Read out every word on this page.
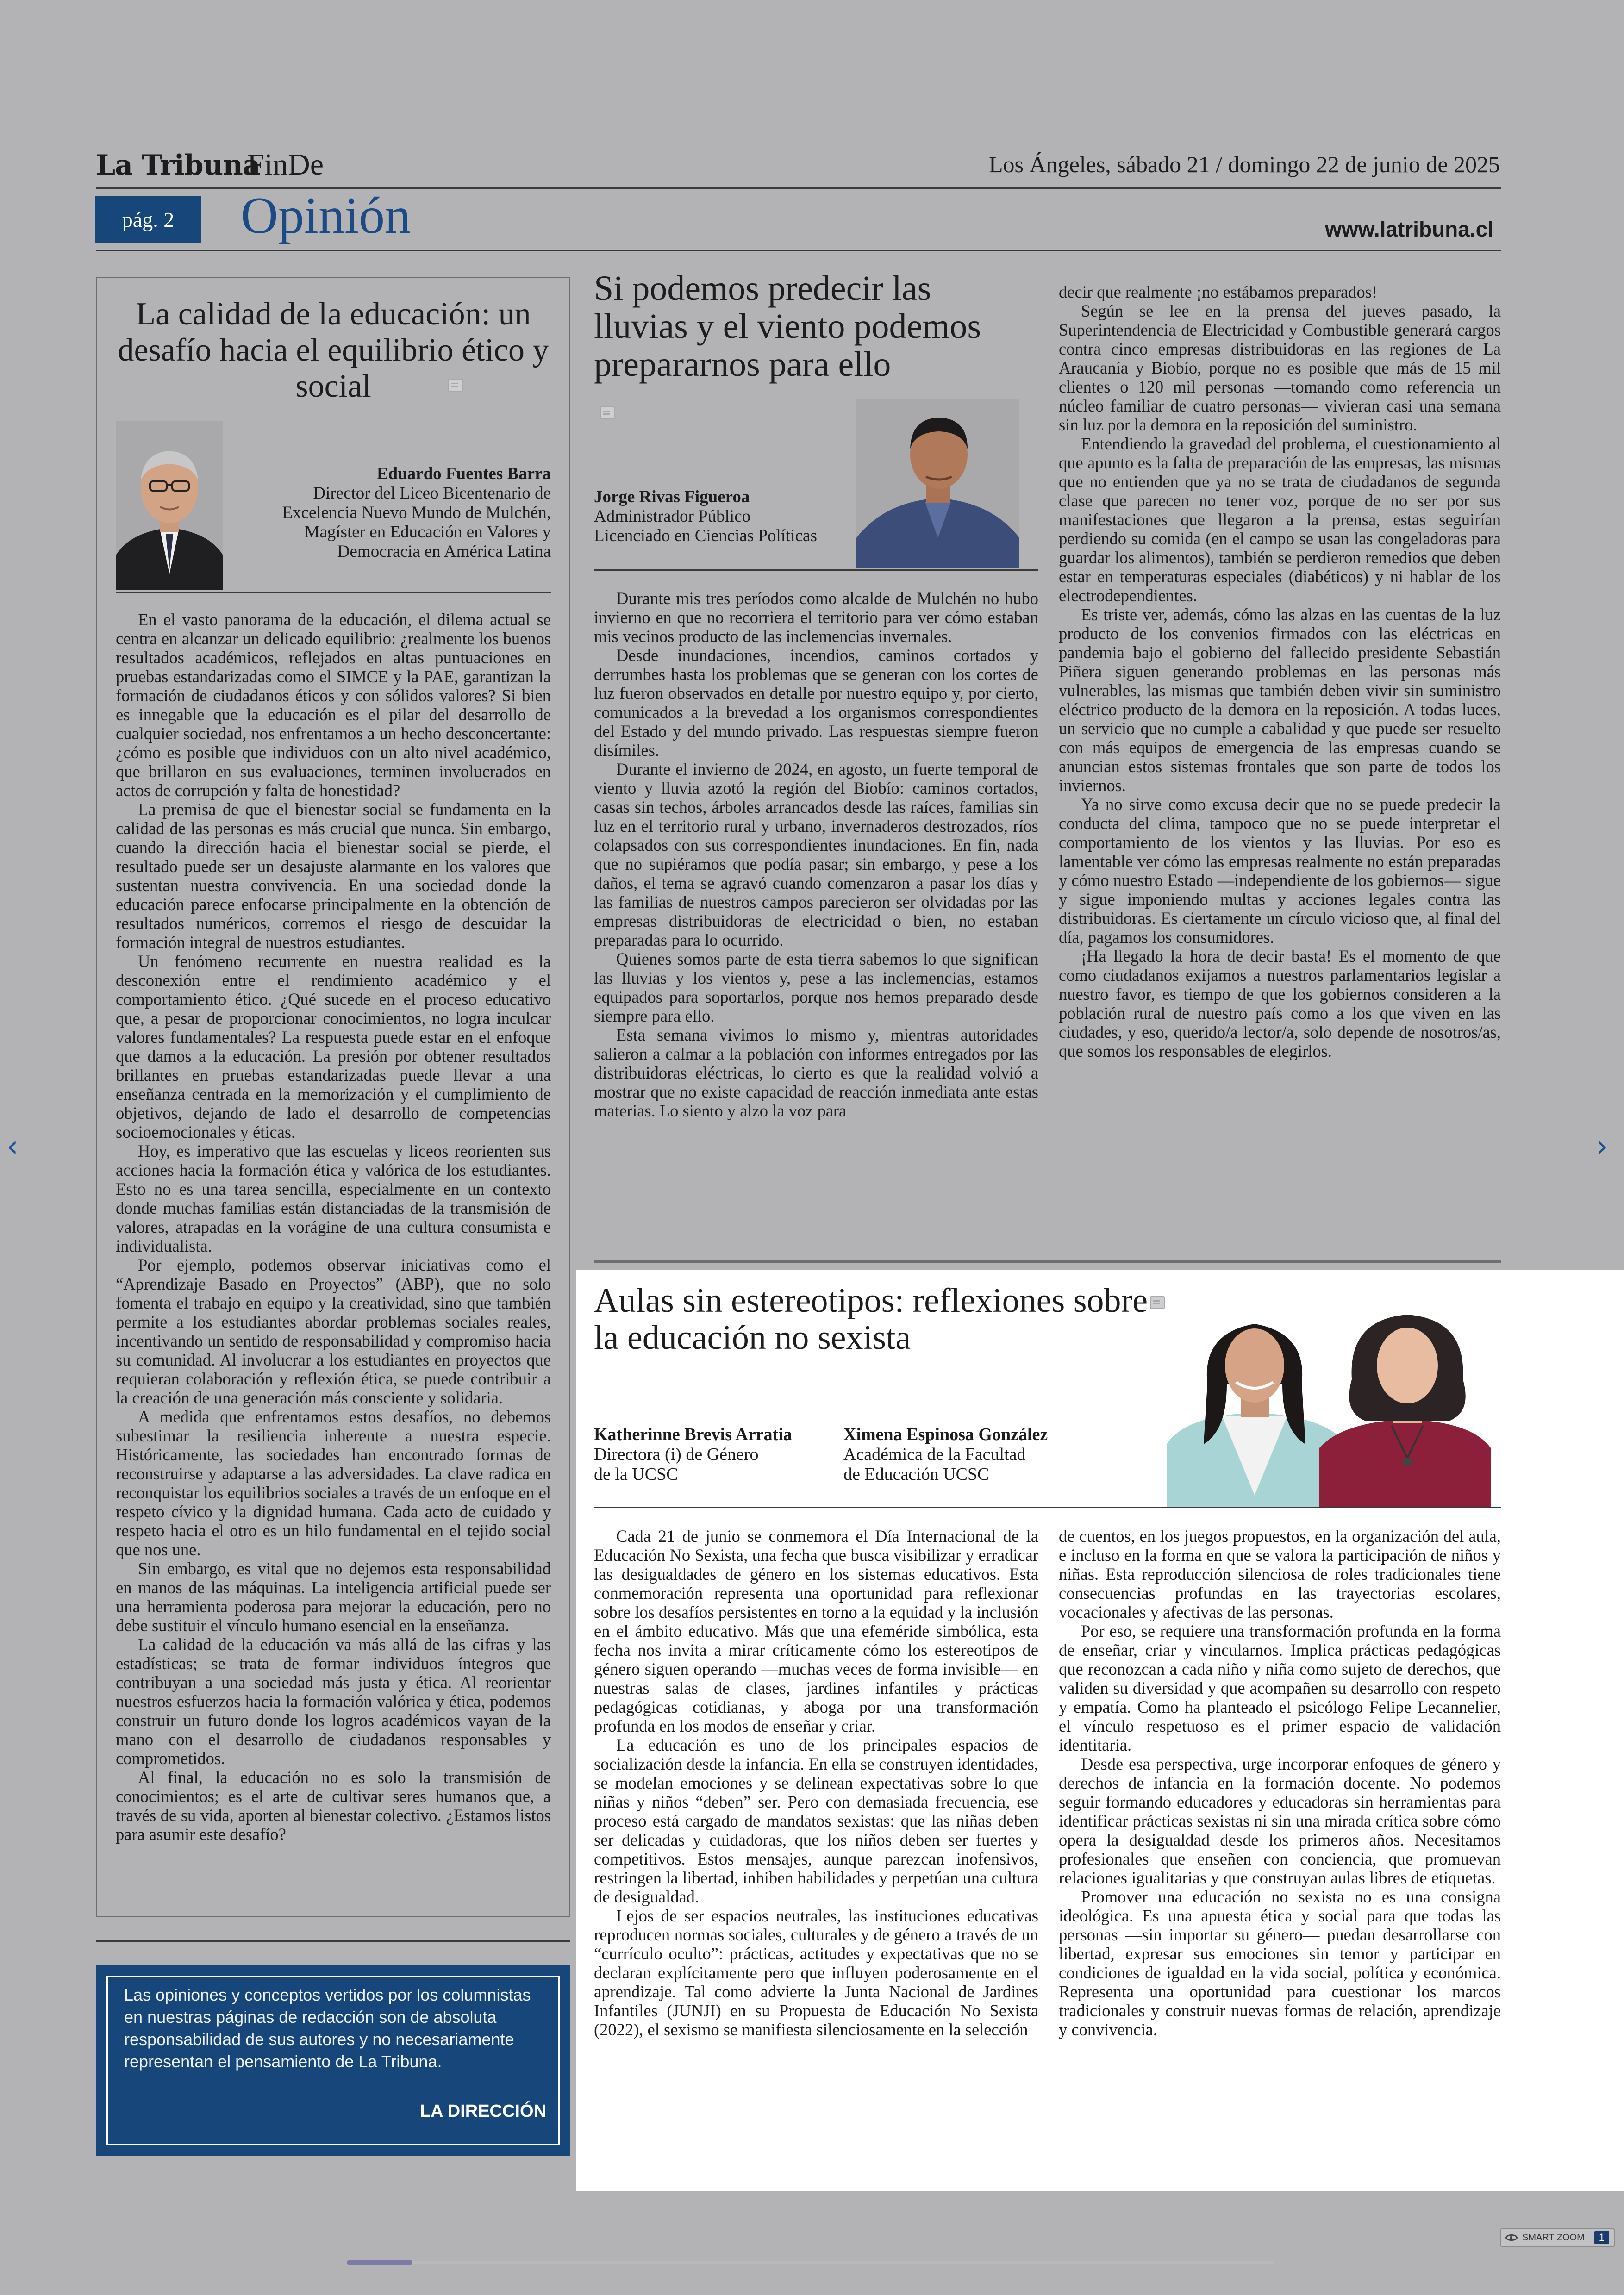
La Tribuna
FinDe	Los Ángeles, sábado 21 / domingo 22 de junio de 2025
pág. 2	Opinión	www.latribuna.cl
La calidad de la educación: un desafío hacia el equilibrio ético y social
Eduardo Fuentes Barra
Director del Liceo Bicentenario de
Excelencia Nuevo Mundo de Mulchén,
Magíster en Educación en Valores y
Democracia en América Latina

En el vasto panorama de la educación, el dilema actual se centra en alcanzar un delicado equilibrio: ¿realmente los buenos resultados académicos, reflejados en altas puntuaciones en pruebas estandarizadas como el SIMCE y la PAE, garantizan la formación de ciudadanos éticos y con sólidos valores? Si bien es innegable que la educación es el pilar del desarrollo de cualquier sociedad, nos enfrentamos a un hecho desconcertante: ¿cómo es posible que individuos con un alto nivel académico, que brillaron en sus evaluaciones, terminen involucrados en actos de corrupción y falta de honestidad?

La premisa de que el bienestar social se fundamenta en la calidad de las personas es más crucial que nunca. Sin embargo, cuando la dirección hacia el bienestar social se pierde, el resultado puede ser un desajuste alarmante en los valores que sustentan nuestra convivencia. En una sociedad donde la educación parece enfocarse principalmente en la obtención de resultados numéricos, corremos el riesgo de descuidar la formación integral de nuestros estudiantes.

Un fenómeno recurrente en nuestra realidad es la desconexión entre el rendimiento académico y el comportamiento ético. ¿Qué sucede en el proceso educativo que, a pesar de proporcionar conocimientos, no logra inculcar valores fundamentales? La respuesta puede estar en el enfoque que damos a la educación. La presión por obtener resultados brillantes en pruebas estandarizadas puede llevar a una enseñanza centrada en la memorización y el cumplimiento de objetivos, dejando de lado el desarrollo de competencias socioemocionales y éticas.

Hoy, es imperativo que las escuelas y liceos reorienten sus acciones hacia la formación ética y valórica de los estudiantes. Esto no es una tarea sencilla, especialmente en un contexto donde muchas familias están distanciadas de la transmisión de valores, atrapadas en la vorágine de una cultura consumista e individualista.

Por ejemplo, podemos observar iniciativas como el “Aprendizaje Basado en Proyectos” (ABP), que no solo fomenta el trabajo en equipo y la creatividad, sino que también permite a los estudiantes abordar problemas sociales reales, incentivando un sentido de responsabilidad y compromiso hacia su comunidad. Al involucrar a los estudiantes en proyectos que requieran colaboración y reflexión ética, se puede contribuir a la creación de una generación más consciente y solidaria.

A medida que enfrentamos estos desafíos, no debemos subestimar la resiliencia inherente a nuestra especie. Históricamente, las sociedades han encontrado formas de reconstruirse y adaptarse a las adversidades. La clave radica en reconquistar los equilibrios sociales a través de un enfoque en el respeto cívico y la dignidad humana. Cada acto de cuidado y respeto hacia el otro es un hilo fundamental en el tejido social que nos une.

Sin embargo, es vital que no dejemos esta responsabilidad en manos de las máquinas. La inteligencia artificial puede ser una herramienta poderosa para mejorar la educación, pero no debe sustituir el vínculo humano esencial en la enseñanza.

La calidad de la educación va más allá de las cifras y las estadísticas; se trata de formar individuos íntegros que contribuyan a una sociedad más justa y ética. Al reorientar nuestros esfuerzos hacia la formación valórica y ética, podemos construir un futuro donde los logros académicos vayan de la mano con el desarrollo de ciudadanos responsables y comprometidos.

Al final, la educación no es solo la transmisión de conocimientos; es el arte de cultivar seres humanos que, a través de su vida, aporten al bienestar colectivo. ¿Estamos listos para asumir este desafío?

Las opiniones y conceptos vertidos por los columnistas en nuestras páginas de redacción son de absoluta responsabilidad de sus autores y no necesariamente representan el pensamiento de La Tribuna.
LA DIRECCIÓN
Si podemos predecir las lluvias y el viento podemos prepararnos para ello
Jorge Rivas Figueroa
Administrador Público
Licenciado en Ciencias Políticas

Durante mis tres períodos como alcalde de Mulchén no hubo invierno en que no recorriera el territorio para ver cómo estaban mis vecinos producto de las inclemencias invernales.

Desde inundaciones, incendios, caminos cortados y derrumbes hasta los problemas que se generan con los cortes de luz fueron observados en detalle por nuestro equipo y, por cierto, comunicados a la brevedad a los organismos correspondientes del Estado y del mundo privado. Las respuestas siempre fueron disímiles.

Durante el invierno de 2024, en agosto, un fuerte temporal de viento y lluvia azotó la región del Biobío: caminos cortados, casas sin techos, árboles arrancados desde las raíces, familias sin luz en el territorio rural y urbano, invernaderos destrozados, ríos colapsados con sus correspondientes inundaciones. En fin, nada que no supiéramos que podía pasar; sin embargo, y pese a los daños, el tema se agravó cuando comenzaron a pasar los días y las familias de nuestros campos parecieron ser olvidadas por las empresas distribuidoras de electricidad o bien, no estaban preparadas para lo ocurrido.

Quienes somos parte de esta tierra sabemos lo que significan las lluvias y los vientos y, pese a las inclemencias, estamos equipados para soportarlos, porque nos hemos preparado desde siempre para ello.

Esta semana vivimos lo mismo y, mientras autoridades salieron a calmar a la población con informes entregados por las distribuidoras eléctricas, lo cierto es que la realidad volvió a mostrar que no existe capacidad de reacción inmediata ante estas materias. Lo siento y alzo la voz para

decir que realmente ¡no estábamos preparados!

Según se lee en la prensa del jueves pasado, la Superintendencia de Electricidad y Combustible generará cargos contra cinco empresas distribuidoras en las regiones de La Araucanía y Biobío, porque no es posible que más de 15 mil clientes o 120 mil personas —tomando como referencia un núcleo familiar de cuatro personas— vivieran casi una semana sin luz por la demora en la reposición del suministro.

Entendiendo la gravedad del problema, el cuestionamiento al que apunto es la falta de preparación de las empresas, las mismas que no entienden que ya no se trata de ciudadanos de segunda clase que parecen no tener voz, porque de no ser por sus manifestaciones que llegaron a la prensa, estas seguirían perdiendo su comida (en el campo se usan las congeladoras para guardar los alimentos), también se perdieron remedios que deben estar en temperaturas especiales (diabéticos) y ni hablar de los electrodependientes.

Es triste ver, además, cómo las alzas en las cuentas de la luz producto de los convenios firmados con las eléctricas en pandemia bajo el gobierno del fallecido presidente Sebastián Piñera siguen generando problemas en las personas más vulnerables, las mismas que también deben vivir sin suministro eléctrico producto de la demora en la reposición. A todas luces, un servicio que no cumple a cabalidad y que puede ser resuelto con más equipos de emergencia de las empresas cuando se anuncian estos sistemas frontales que son parte de todos los inviernos.

Ya no sirve como excusa decir que no se puede predecir la conducta del clima, tampoco que no se puede interpretar el comportamiento de los vientos y las lluvias. Por eso es lamentable ver cómo las empresas realmente no están preparadas y cómo nuestro Estado —independiente de los gobiernos— sigue y sigue imponiendo multas y acciones legales contra las distribuidoras. Es ciertamente un círculo vicioso que, al final del día, pagamos los consumidores.

¡Ha llegado la hora de decir basta! Es el momento de que como ciudadanos exijamos a nuestros parlamentarios legislar a nuestro favor, es tiempo de que los gobiernos consideren a la población rural de nuestro país como a los que viven en las ciudades, y eso, querido/a lector/a, solo depende de nosotros/as, que somos los responsables de elegirlos.

Aulas sin estereotipos: reflexiones sobre la educación no sexista
Katherinne Brevis Arratia
Directora (i) de Género
de la UCSC
Ximena Espinosa González
Académica de la Facultad
de Educación UCSC

Cada 21 de junio se conmemora el Día Internacional de la Educación No Sexista, una fecha que busca visibilizar y erradicar las desigualdades de género en los sistemas educativos. Esta conmemoración representa una oportunidad para reflexionar sobre los desafíos persistentes en torno a la equidad y la inclusión en el ámbito educativo. Más que una efeméride simbólica, esta fecha nos invita a mirar críticamente cómo los estereotipos de género siguen operando —muchas veces de forma invisible— en nuestras salas de clases, jardines infantiles y prácticas pedagógicas cotidianas, y aboga por una transformación profunda en los modos de enseñar y criar.

La educación es uno de los principales espacios de socialización desde la infancia. En ella se construyen identidades, se modelan emociones y se delinean expectativas sobre lo que niñas y niños “deben” ser. Pero con demasiada frecuencia, ese proceso está cargado de mandatos sexistas: que las niñas deben ser delicadas y cuidadoras, que los niños deben ser fuertes y competitivos. Estos mensajes, aunque parezcan inofensivos, restringen la libertad, inhiben habilidades y perpetúan una cultura de desigualdad.

Lejos de ser espacios neutrales, las instituciones educativas reproducen normas sociales, culturales y de género a través de un “currículo oculto”: prácticas, actitudes y expectativas que no se declaran explícitamente pero que influyen poderosamente en el aprendizaje. Tal como advierte la Junta Nacional de Jardines Infantiles (JUNJI) en su Propuesta de Educación No Sexista (2022), el sexismo se manifiesta silenciosamente en la selección

de cuentos, en los juegos propuestos, en la organización del aula, e incluso en la forma en que se valora la participación de niños y niñas. Esta reproducción silenciosa de roles tradicionales tiene consecuencias profundas en las trayectorias escolares, vocacionales y afectivas de las personas.

Por eso, se requiere una transformación profunda en la forma de enseñar, criar y vincularnos. Implica prácticas pedagógicas que reconozcan a cada niño y niña como sujeto de derechos, que validen su diversidad y que acompañen su desarrollo con respeto y empatía. Como ha planteado el psicólogo Felipe Lecannelier, el vínculo respetuoso es el primer espacio de validación identitaria.

Desde esa perspectiva, urge incorporar enfoques de género y derechos de infancia en la formación docente. No podemos seguir formando educadores y educadoras sin herramientas para identificar prácticas sexistas ni sin una mirada crítica sobre cómo opera la desigualdad desde los primeros años. Necesitamos profesionales que enseñen con conciencia, que promuevan relaciones igualitarias y que construyan aulas libres de etiquetas.

Promover una educación no sexista no es una consigna ideológica. Es una apuesta ética y social para que todas las personas —sin importar su género— puedan desarrollarse con libertad, expresar sus emociones sin temor y participar en condiciones de igualdad en la vida social, política y económica. Representa una oportunidad para cuestionar los marcos tradicionales y construir nuevas formas de relación, aprendizaje y convivencia.

‹	›
SMART ZOOM	1
